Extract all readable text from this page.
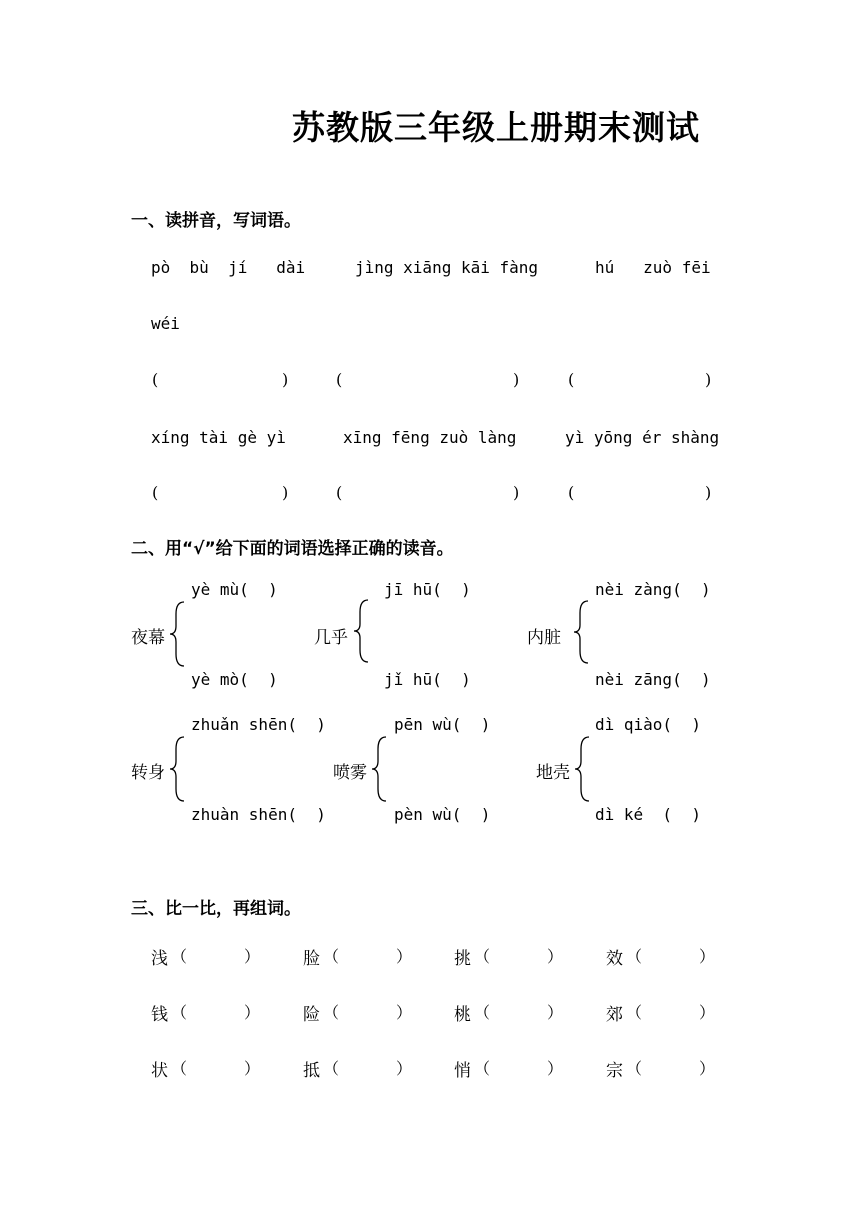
苏教版三年级上册期末测试
一、读拼音，写词语。
pò  bù  jí   dài	jìng xiāng kāi fàng	hú   zuò fēi
wéi
(	)	(	)	(	)
xíng tài gè yì	xīng fēng zuò làng	yì yōng ér shàng
(	)	(	)	(	)
二、用“√”给下面的词语选择正确的读音。
夜幕
yè mù(  )
yè mò(  )
几乎
jī hū(  )
jǐ hū(  )
内脏
nèi zàng(  )
nèi zāng(  )
转身
zhuǎn shēn(  )
zhuàn shēn(  )
喷雾
pēn wù(  )
pèn wù(  )
地壳
dì qiào(  )
dì ké  (  )
三、比一比，再组词。
浅 （	）	脸 （	） 挑 （	）	效 （	）
钱 （	）	险 （	） 桃 （	）	郊 （	）
状 （	）	抵 （	） 悄 （	）	宗 （	）
